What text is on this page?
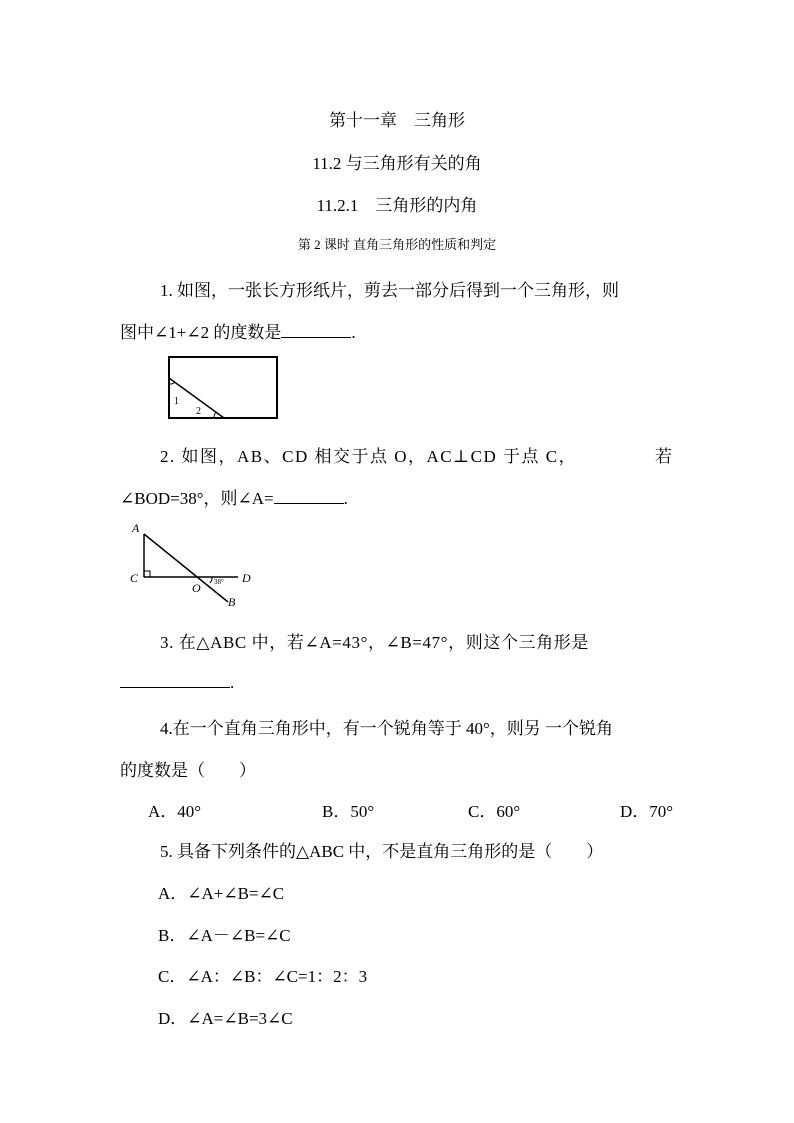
第十一章　三角形
11.2 与三角形有关的角
11.2.1　三角形的内角
第 2 课时 直角三角形的性质和判定
1. 如图，一张长方形纸片，剪去一部分后得到一个三角形，则
图中∠1+∠2 的度数是	.
1
2
2. 如图，AB、CD 相交于点 O，AC⊥CD 于点 C，	若
∠BOD=38°，则∠A=	.
A
C
O
D
B
38°
3. 在△ABC 中，若∠A=43°，∠B=47°，则这个三角形是
.
4.在一个直角三角形中，有一个锐角等于 40°，则另 一个锐角
的度数是（　　）
A．40°	B．50°	C．60°	D．70°
5. 具备下列条件的△ABC 中，不是直角三角形的是（　　）
A．∠A+∠B=∠C
B．∠A－∠B=∠C
C．∠A：∠B：∠C=1：2：3
D．∠A=∠B=3∠C
